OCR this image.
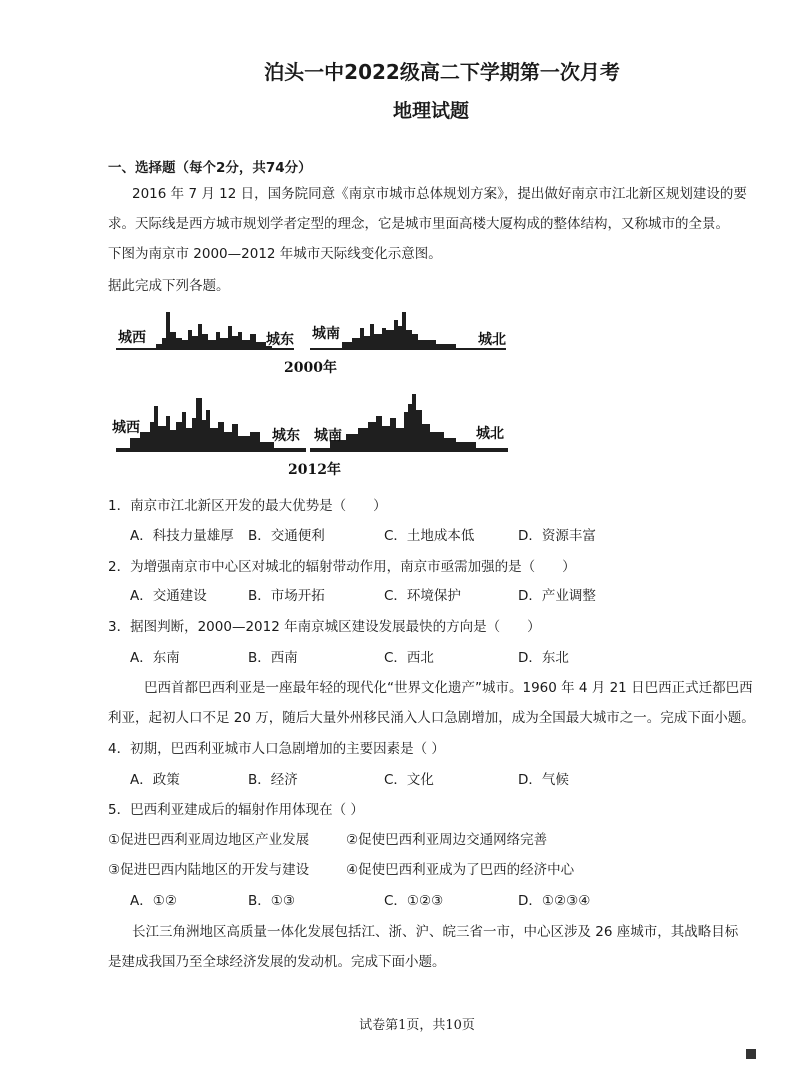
泊头一中2022级高二下学期第一次月考
地理试题
一、选择题（每个2分，共74分）
2016 年 7 月 12 日，国务院同意《南京市城市总体规划方案》，提出做好南京市江北新区规划建设的要
求。天际线是西方城市规划学者定型的理念，它是城市里面高楼大厦构成的整体结构，又称城市的全景。
下图为南京市 2000—2012 年城市天际线变化示意图。
据此完成下列各题。
城西	城东 城南	城北
2000年
城西	城东 城南	城北
2012年
1．南京市江北新区开发的最大优势是（　　）
A．科技力量雄厚 B．交通便利	C．土地成本低	D．资源丰富
2．为增强南京市中心区对城北的辐射带动作用，南京市亟需加强的是（　　）
A．交通建设	B．市场开拓	C．环境保护	D．产业调整
3．据图判断，2000—2012 年南京城区建设发展最快的方向是（　　）
A．东南	B．西南	C．西北	D．东北
巴西首都巴西利亚是一座最年轻的现代化“世界文化遗产”城市。1960 年 4 月 21 日巴西正式迁都巴西
利亚，起初人口不足 20 万，随后大量外州移民涌入人口急剧增加，成为全国最大城市之一。完成下面小题。
4．初期，巴西利亚城市人口急剧增加的主要因素是（ ）
A．政策	B．经济	C．文化	D．气候
5．巴西利亚建成后的辐射作用体现在（ ）
①促进巴西利亚周边地区产业发展	②促使巴西利亚周边交通网络完善
③促进巴西内陆地区的开发与建设	④促使巴西利亚成为了巴西的经济中心
A．①②	B．①③	C．①②③	D．①②③④
长江三角洲地区高质量一体化发展包括江、浙、沪、皖三省一市，中心区涉及 26 座城市，其战略目标
是建成我国乃至全球经济发展的发动机。完成下面小题。
试卷第1页，共10页
